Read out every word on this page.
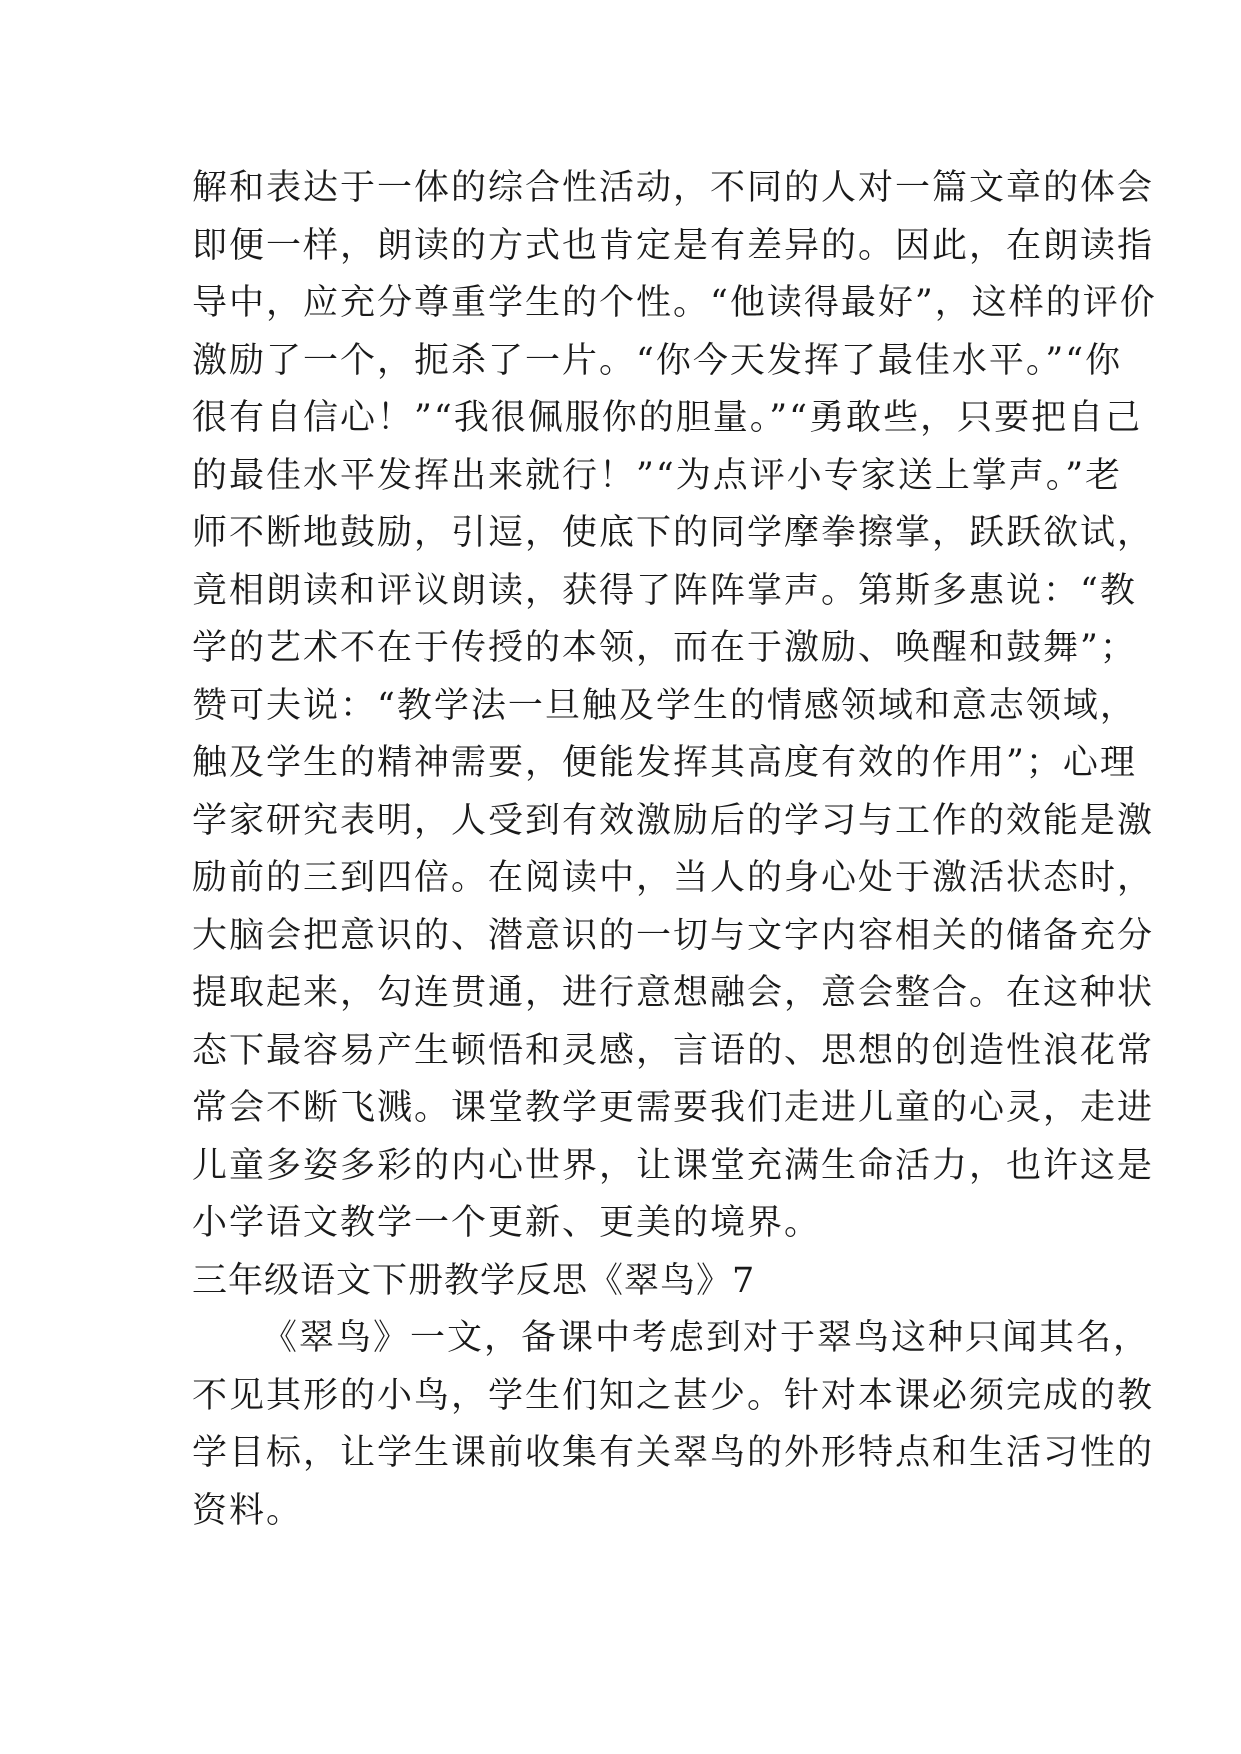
解和表达于一体的综合性活动，不同的人对一篇文章的体会
即便一样，朗读的方式也肯定是有差异的。因此，在朗读指
导中，应充分尊重学生的个性。“他读得最好”，这样的评价
激励了一个，扼杀了一片。“你今天发挥了最佳水平。”“你
很有自信心！”“我很佩服你的胆量。”“勇敢些，只要把自己
的最佳水平发挥出来就行！”“为点评小专家送上掌声。”老
师不断地鼓励，引逗，使底下的同学摩拳擦掌，跃跃欲试，
竟相朗读和评议朗读，获得了阵阵掌声。第斯多惠说：“教
学的艺术不在于传授的本领，而在于激励、唤醒和鼓舞”；
赞可夫说：“教学法一旦触及学生的情感领域和意志领域，
触及学生的精神需要，便能发挥其高度有效的作用”；心理
学家研究表明，人受到有效激励后的学习与工作的效能是激
励前的三到四倍。在阅读中，当人的身心处于激活状态时，
大脑会把意识的、潜意识的一切与文字内容相关的储备充分
提取起来，勾连贯通，进行意想融会，意会整合。在这种状
态下最容易产生顿悟和灵感，言语的、思想的创造性浪花常
常会不断飞溅。课堂教学更需要我们走进儿童的心灵，走进
儿童多姿多彩的内心世界，让课堂充满生命活力，也许这是
小学语文教学一个更新、更美的境界。
三年级语文下册教学反思《翠鸟》7
《翠鸟》一文，备课中考虑到对于翠鸟这种只闻其名，
不见其形的小鸟，学生们知之甚少。针对本课必须完成的教
学目标，让学生课前收集有关翠鸟的外形特点和生活习性的
资料。
